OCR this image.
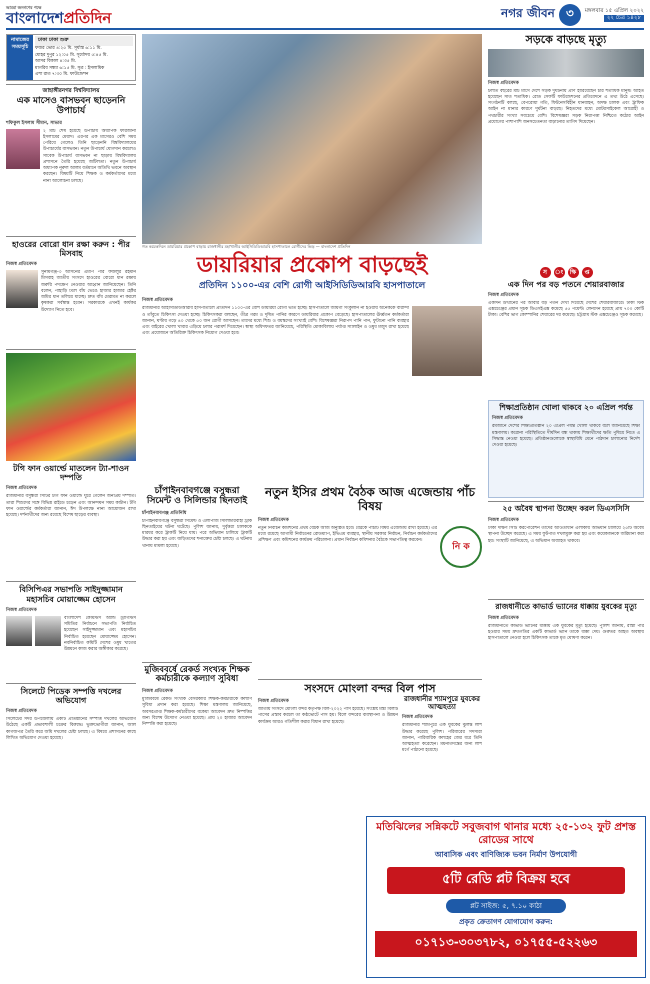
আমরা জনগণের পক্ষে
বাংলাদেশপ্রতিদিন	নগর জীবন ৩	মঙ্গলবার ১৫ এপ্রিল ২০২২
২২ চৈত্র ১৪২৮
নামাজের সময়সূচি
ঢাকা ঢাকা শুক্র
ফজর ভোর ৪:২৫ মি. সূর্যাস্ত ৬:১১ মি.
যোহর দুপুর ১২:০৫ মি. সূর্যোদয় ৫:৪৫ মি.
আসর বিকাল ৪:৩৫ মি.
মাগরিব সন্ধ্যা ৬:১৫ মি. সূত্র : ইসলামিক
এশা রাত ৭:৩০ মি. ফাউন্ডেশন
জাহাঙ্গীরনগর বিশ্ববিদ্যালয়
এক মাসেও বাসভবন ছাড়েননি উপাচার্য
শফিকুল ইসলাম সীমান, সাভার
২ মার্চ শেষ হয়েছে উপাচার্য অধ্যাপক ফারজানা ইসলামের মেয়াদ। এরপর এক মাসেরও বেশি সময় পেরিয়ে গেলেও তিনি ছাড়েননি বিশ্ববিদ্যালয়ের উপাচার্যের বাসভবন। নতুন উপাচার্য যোগদান করলেও সাবেক উপাচার্য বাসভবন না ছাড়ায় বিশ্ববিদ্যালয় প্রশাসনে তৈরি হয়েছে জটিলতা। নতুন উপাচার্য অধ্যাপক নূরুল আলম বর্তমানে অতিথি ভবনে অবস্থান করছেন। বিষয়টি নিয়ে শিক্ষক ও কর্মকর্তাদের মধ্যে নানা আলোচনা চলছে।
হাওরের বোরো ধান রক্ষা করুন : পীর মিসবাহ
নিজস্ব প্রতিবেদক
সুনামগঞ্জ-৩ আসনের এমপি পীর ফজলুর রহমান মিসবাহ জাতীয় সংসদে হাওরের বোরো ধান রক্ষায় জরুরি পদক্ষেপ নেওয়ার আহ্বান জানিয়েছেন। তিনি বলেন, পাহাড়ি ঢলে বাঁধ ভেঙে হাজার হাজার হেক্টর জমির ধান তলিয়ে যাচ্ছে। দ্রুত বাঁধ মেরামত না করলে কৃষকরা সর্বস্বান্ত হবেন। সরকারকে এখনই কার্যকর উদ্যোগ নিতে হবে।
টগি ফান ওয়ার্ল্ডে মাতলেন ট্যা-শাওন দম্পতি
নিজস্ব প্রতিবেদক
রাজধানীর বসুন্ধরা সিটির টগি ফান ওয়ার্ল্ডে ঘুরে গেলেন জনপ্রিয় দম্পতি। তারা শিশুদের সঙ্গে বিভিন্ন রাইডে চড়েন এবং আনন্দঘন সময় কাটান। টগি ফান ওয়ার্ল্ডের কর্মকর্তারা জানান, ঈদ উপলক্ষে নানা আয়োজন রাখা হয়েছে। দর্শনার্থীদের জন্য রয়েছে বিশেষ ছাড়ের ব্যবস্থা।
বিসিপিএর সভাপতি সাইদুজ্জামান মহাসচিব মোয়াজ্জেম হোসেন
নিজস্ব প্রতিবেদক
বাংলাদেশ কেমিস্টস অ্যান্ড ড্রাগিস্টস সমিতির নির্বাচনে সভাপতি নির্বাচিত হয়েছেন সাইদুজ্জামান এবং মহাসচিব নির্বাচিত হয়েছেন মোয়াজ্জেম হোসেন। নবনির্বাচিত কমিটি দেশের ওষুধ খাতের উন্নয়নে কাজ করার অঙ্গীকার করেছে।
সিলেটে পিডেক সম্পত্তি দখলের অভিযোগ
নিজস্ব প্রতিবেদক
সিলেটের সদর উপজেলায় একটি প্রতিষ্ঠানের সম্পত্তি দখলের অভিযোগ উঠেছে একটি প্রভাবশালী চক্রের বিরুদ্ধে। ভুক্তভোগীরা জানান, জাল কাগজপত্র তৈরি করে জমি দখলের চেষ্টা চলছে। এ বিষয়ে প্রশাসনের কাছে লিখিত অভিযোগ দেওয়া হয়েছে।
গত কয়েকদিনে ডায়রিয়ার প্রকোপ বাড়ায় রাজধানীর মহাখালীর আইসিডিডিআরবি হাসপাতালে রোগীদের ভিড় — বাংলাদেশ প্রতিদিন
ডায়রিয়ার প্রকোপ বাড়ছেই
প্রতিদিন ১১০০-এর বেশি রোগী আইসিডিডিআরবি হাসপাতালে
নিজস্ব প্রতিবেদক
রাজধানীর আইসিডিডিআরবি হাসপাতালে প্রতিদিন ১১০০-এর বেশি ডায়রিয়া রোগী ভর্তি হচ্ছে। হাসপাতালে জায়গা সংকুলান না হওয়ায় অনেককে বারান্দা ও তাঁবুতে চিকিৎসা দেওয়া হচ্ছে। চিকিৎসকরা বলছেন, তীব্র গরম ও দূষিত পানির কারণে ডায়রিয়ার প্রকোপ বেড়েছে। হাসপাতালের ঊর্ধ্বতন কর্মকর্তারা জানান, ঘণ্টায় গড়ে ৪০ থেকে ৫০ জন রোগী আসছেন। তাদের মধ্যে শিশু ও বয়স্কদের সংখ্যাই বেশি। বিশেষজ্ঞরা নিরাপদ পানি পান, ফুটানো পানি ব্যবহার এবং বাইরের খোলা খাবার এড়িয়ে চলার পরামর্শ দিয়েছেন। স্বাস্থ্য অধিদফতর জানিয়েছে, পরিস্থিতি মোকাবিলায় পর্যাপ্ত স্যালাইন ও ওষুধ মজুদ রাখা হয়েছে এবং প্রয়োজনে অতিরিক্ত চিকিৎসক নিয়োগ দেওয়া হবে।
চাঁপাইনবাবগঞ্জে বসুন্ধরা সিমেন্ট ও সিলিন্ডার ছিনতাই
চাঁপাইনবাবগঞ্জ প্রতিনিধি
চাঁপাইনবাবগঞ্জে বসুন্ধরা সিমেন্ট ও এলপিজি সিলিন্ডারবাহী ট্রাক ছিনতাইয়ের ঘটনা ঘটেছে। পুলিশ জানায়, দুর্বৃত্তরা চালককে মারধর করে ট্রাকটি নিয়ে যায়। পরে অভিযান চালিয়ে ট্রাকটি উদ্ধার করা হয় এবং জড়িতদের শনাক্তের চেষ্টা চলছে। এ ঘটনায় থানায় মামলা হয়েছে।
মুজিববর্ষে রেকর্ড সংখ্যক শিক্ষক কর্মচারীকে কল্যাণ সুবিধা
নিজস্ব প্রতিবেদক
মুজিববর্ষে রেকর্ড সংখ্যক বেসরকারি শিক্ষক-কর্মচারীকে কল্যাণ সুবিধা প্রদান করা হয়েছে। শিক্ষা মন্ত্রণালয় জানিয়েছে, অবসরপ্রাপ্ত শিক্ষক-কর্মচারীদের বকেয়া আবেদন দ্রুত নিষ্পত্তির জন্য বিশেষ উদ্যোগ নেওয়া হয়েছে। প্রায় ২০ হাজার আবেদন নিষ্পত্তি করা হয়েছে।
নতুন ইসির প্রথম বৈঠক আজ এজেন্ডায় পাঁচ বিষয়
নিজস্ব প্রতিবেদক
নতুন নির্বাচন কমিশনের প্রথম বৈঠক আজ অনুষ্ঠিত হবে। বৈঠকে পাঁচটি বিষয় এজেন্ডায় রাখা হয়েছে। এর মধ্যে রয়েছে আগামী নির্বাচনের রোডম্যাপ, ইভিএম ব্যবহার, স্থানীয় সরকার নির্বাচন, নির্বাচন কর্মকর্তাদের প্রশিক্ষণ এবং কমিশনের কার্যক্রম পরিচালনা। প্রধান নির্বাচন কমিশনার বৈঠকে সভাপতিত্ব করবেন।
নি ক
সংসদে মোংলা বন্দর বিল পাস
নিজস্ব প্রতিবেদক
জাতীয় সংসদে মোংলা বন্দর কর্তৃপক্ষ বিল-২০২২ পাস হয়েছে। সংশ্লিষ্ট মন্ত্রী বিলটি পাসের প্রস্তাব করলে তা কণ্ঠভোটে পাস হয়। বিলে বন্দরের ব্যবস্থাপনা ও উন্নয়ন কার্যক্রম আরও গতিশীল করার বিধান রাখা হয়েছে।
রাজধানীর শ্যামপুরে যুবকের আত্মহত্যা
নিজস্ব প্রতিবেদক
রাজধানীর শ্যামপুরে এক যুবকের ঝুলন্ত লাশ উদ্ধার করেছে পুলিশ। পরিবারের সদস্যরা জানান, পারিবারিক কলহের জের ধরে তিনি আত্মহত্যা করেছেন। ময়নাতদন্তের জন্য লাশ মর্গে পাঠানো হয়েছে।
সড়কে বাড়ছে মৃত্যু
নিজস্ব প্রতিবেদক
চলতি বছরের মার্চ মাসে দেশে সড়ক দুর্ঘটনায় প্রাণ হারিয়েছেন চার শতাধিক মানুষ। আহত হয়েছেন সাত শতাধিক। রোড সেফটি ফাউন্ডেশনের প্রতিবেদনে এ তথ্য উঠে এসেছে। সংগঠনটি বলছে, বেপরোয়া গতি, ফিটনেসবিহীন যানবাহন, অদক্ষ চালক এবং ট্রাফিক আইন না মানার কারণে দুর্ঘটনা বাড়ছে। নিহতদের মধ্যে মোটরসাইকেল আরোহী ও পথচারীর সংখ্যা সবচেয়ে বেশি। বিশেষজ্ঞরা সড়ক নিরাপত্তা নিশ্চিতে কঠোর আইন প্রয়োগের পাশাপাশি জনসচেতনতা বাড়ানোর তাগিদ দিয়েছেন।
স	ং	ক্ষি	প্ত
এক দিন পর বড় পতনে শেয়ারবাজার
নিজস্ব প্রতিবেদক
একদিন উত্থানের পর আবার বড় পতন দেখা দিয়েছে দেশের শেয়ারবাজারে। ঢাকা স্টক এক্সচেঞ্জের প্রধান সূচক ডিএসইএক্স কমেছে ৫৫ পয়েন্ট। লেনদেন হয়েছে প্রায় ৭০০ কোটি টাকা। বেশির ভাগ কোম্পানির শেয়ারের দর কমেছে। চট্টগ্রাম স্টক এক্সচেঞ্জেও সূচক কমেছে।
শিক্ষাপ্রতিষ্ঠান খোলা থাকবে ২০ এপ্রিল পর্যন্ত
নিজস্ব প্রতিবেদক
রমজানে দেশের শিক্ষাপ্রতিষ্ঠান ২০ এপ্রিল পর্যন্ত খোলা থাকবে বলে জানিয়েছে শিক্ষা মন্ত্রণালয়। করোনা পরিস্থিতিতে দীর্ঘদিন বন্ধ থাকায় শিক্ষার্থীদের ক্ষতি পুষিয়ে নিতে এ সিদ্ধান্ত নেওয়া হয়েছে। প্রতিষ্ঠানগুলোকে স্বাস্থ্যবিধি মেনে পাঠদান চালানোর নির্দেশ দেওয়া হয়েছে।
২৫ অবৈধ স্থাপনা উচ্ছেদ করল ডিএসসিসি
নিজস্ব প্রতিবেদক
ঢাকা দক্ষিণ সিটি করপোরেশন তাদের আওতাধীন এলাকায় অভিযান চালিয়ে ২৫টি অবৈধ স্থাপনা উচ্ছেদ করেছে। এ সময় ফুটপাত দখলমুক্ত করা হয় এবং কয়েকজনকে জরিমানা করা হয়। সংস্থাটি জানিয়েছে, এ অভিযান অব্যাহত থাকবে।
রাজধানীতে কাভার্ড ভ্যানের ধাক্কায় যুবকের মৃত্যু
নিজস্ব প্রতিবেদক
রাজধানীতে কাভার্ড ভ্যানের ধাক্কায় এক যুবকের মৃত্যু হয়েছে। পুলিশ জানায়, রাস্তা পার হওয়ার সময় দ্রুতগতির একটি কাভার্ড ভ্যান তাকে ধাক্কা দেয়। গুরুতর আহত অবস্থায় হাসপাতালে নেওয়া হলে চিকিৎসক তাকে মৃত ঘোষণা করেন।
মতিঝিলের সন্নিকটে সবুজবাগ থানার মধ্যে ২৫-১৩২ ফুট প্রশস্ত রোডের সাথে
আবাসিক এবং বাণিজ্যিক ভবন নির্মাণ উপযোগী
৫টি রেডি প্লট বিক্রয় হবে
প্লট সাইজ: ৫, ৭.১০ কাঠা
প্রকৃত ক্রেতাগণ যোগাযোগ করুন:
০১৭১৩-৩০৩৭৮২, ০১৭৫৫-৫২২৬৩
